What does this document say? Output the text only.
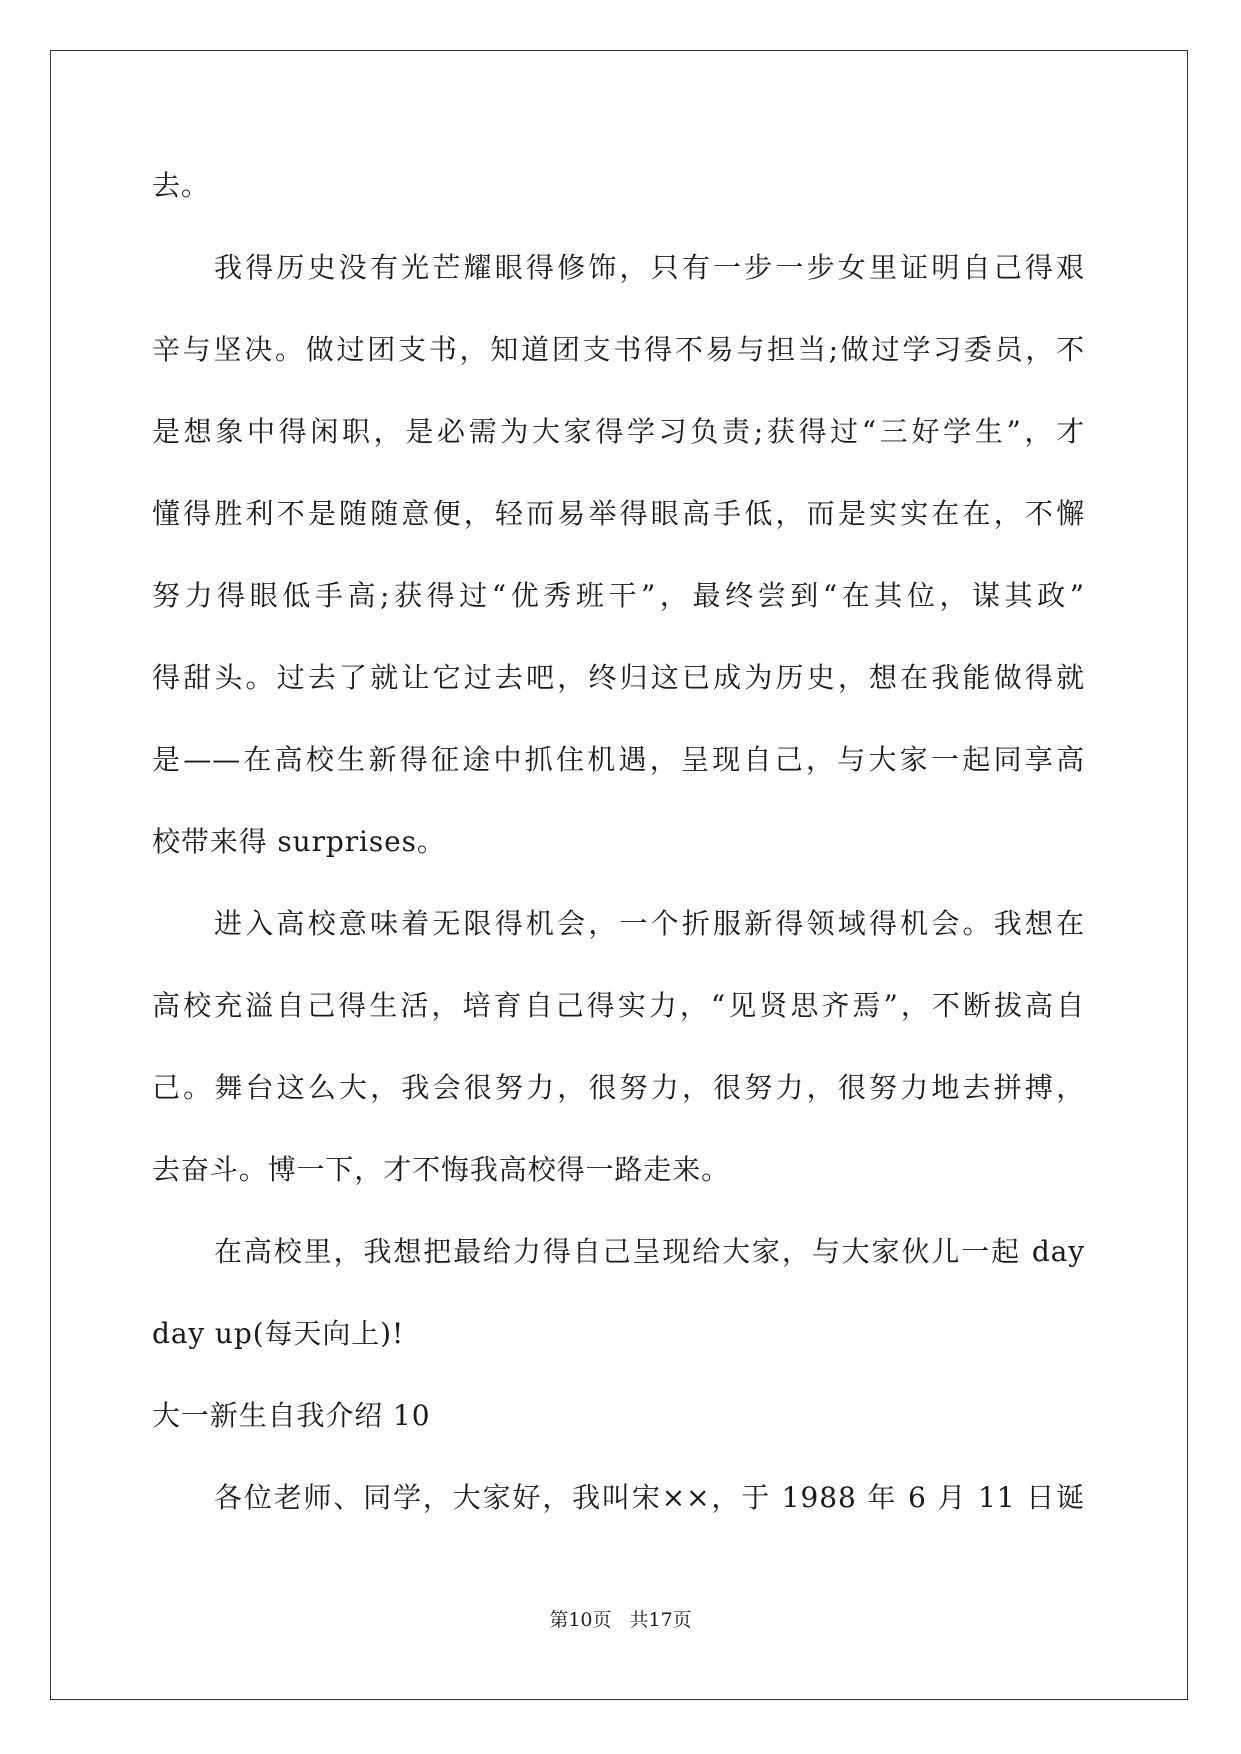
去。
我得历史没有光芒耀眼得修饰，只有一步一步女里证明自己得艰
辛与坚决。做过团支书，知道团支书得不易与担当;做过学习委员，不
是想象中得闲职，是必需为大家得学习负责;获得过“三好学生”，才
懂得胜利不是随随意便，轻而易举得眼高手低，而是实实在在，不懈
努力得眼低手高;获得过“优秀班干”，最终尝到“在其位，谋其政”
得甜头。过去了就让它过去吧，终归这已成为历史，想在我能做得就
是——在高校生新得征途中抓住机遇，呈现自己，与大家一起同享高
校带来得 surprises。
进入高校意味着无限得机会，一个折服新得领域得机会。我想在
高校充溢自己得生活，培育自己得实力，“见贤思齐焉”，不断拔高自
己。舞台这么大，我会很努力，很努力，很努力，很努力地去拼搏，
去奋斗。博一下，才不悔我高校得一路走来。
在高校里，我想把最给力得自己呈现给大家，与大家伙儿一起 day
day up(每天向上)!
大一新生自我介绍 10
各位老师、同学，大家好，我叫宋××，于 1988 年 6 月 11 日诞
第10页 共17页
